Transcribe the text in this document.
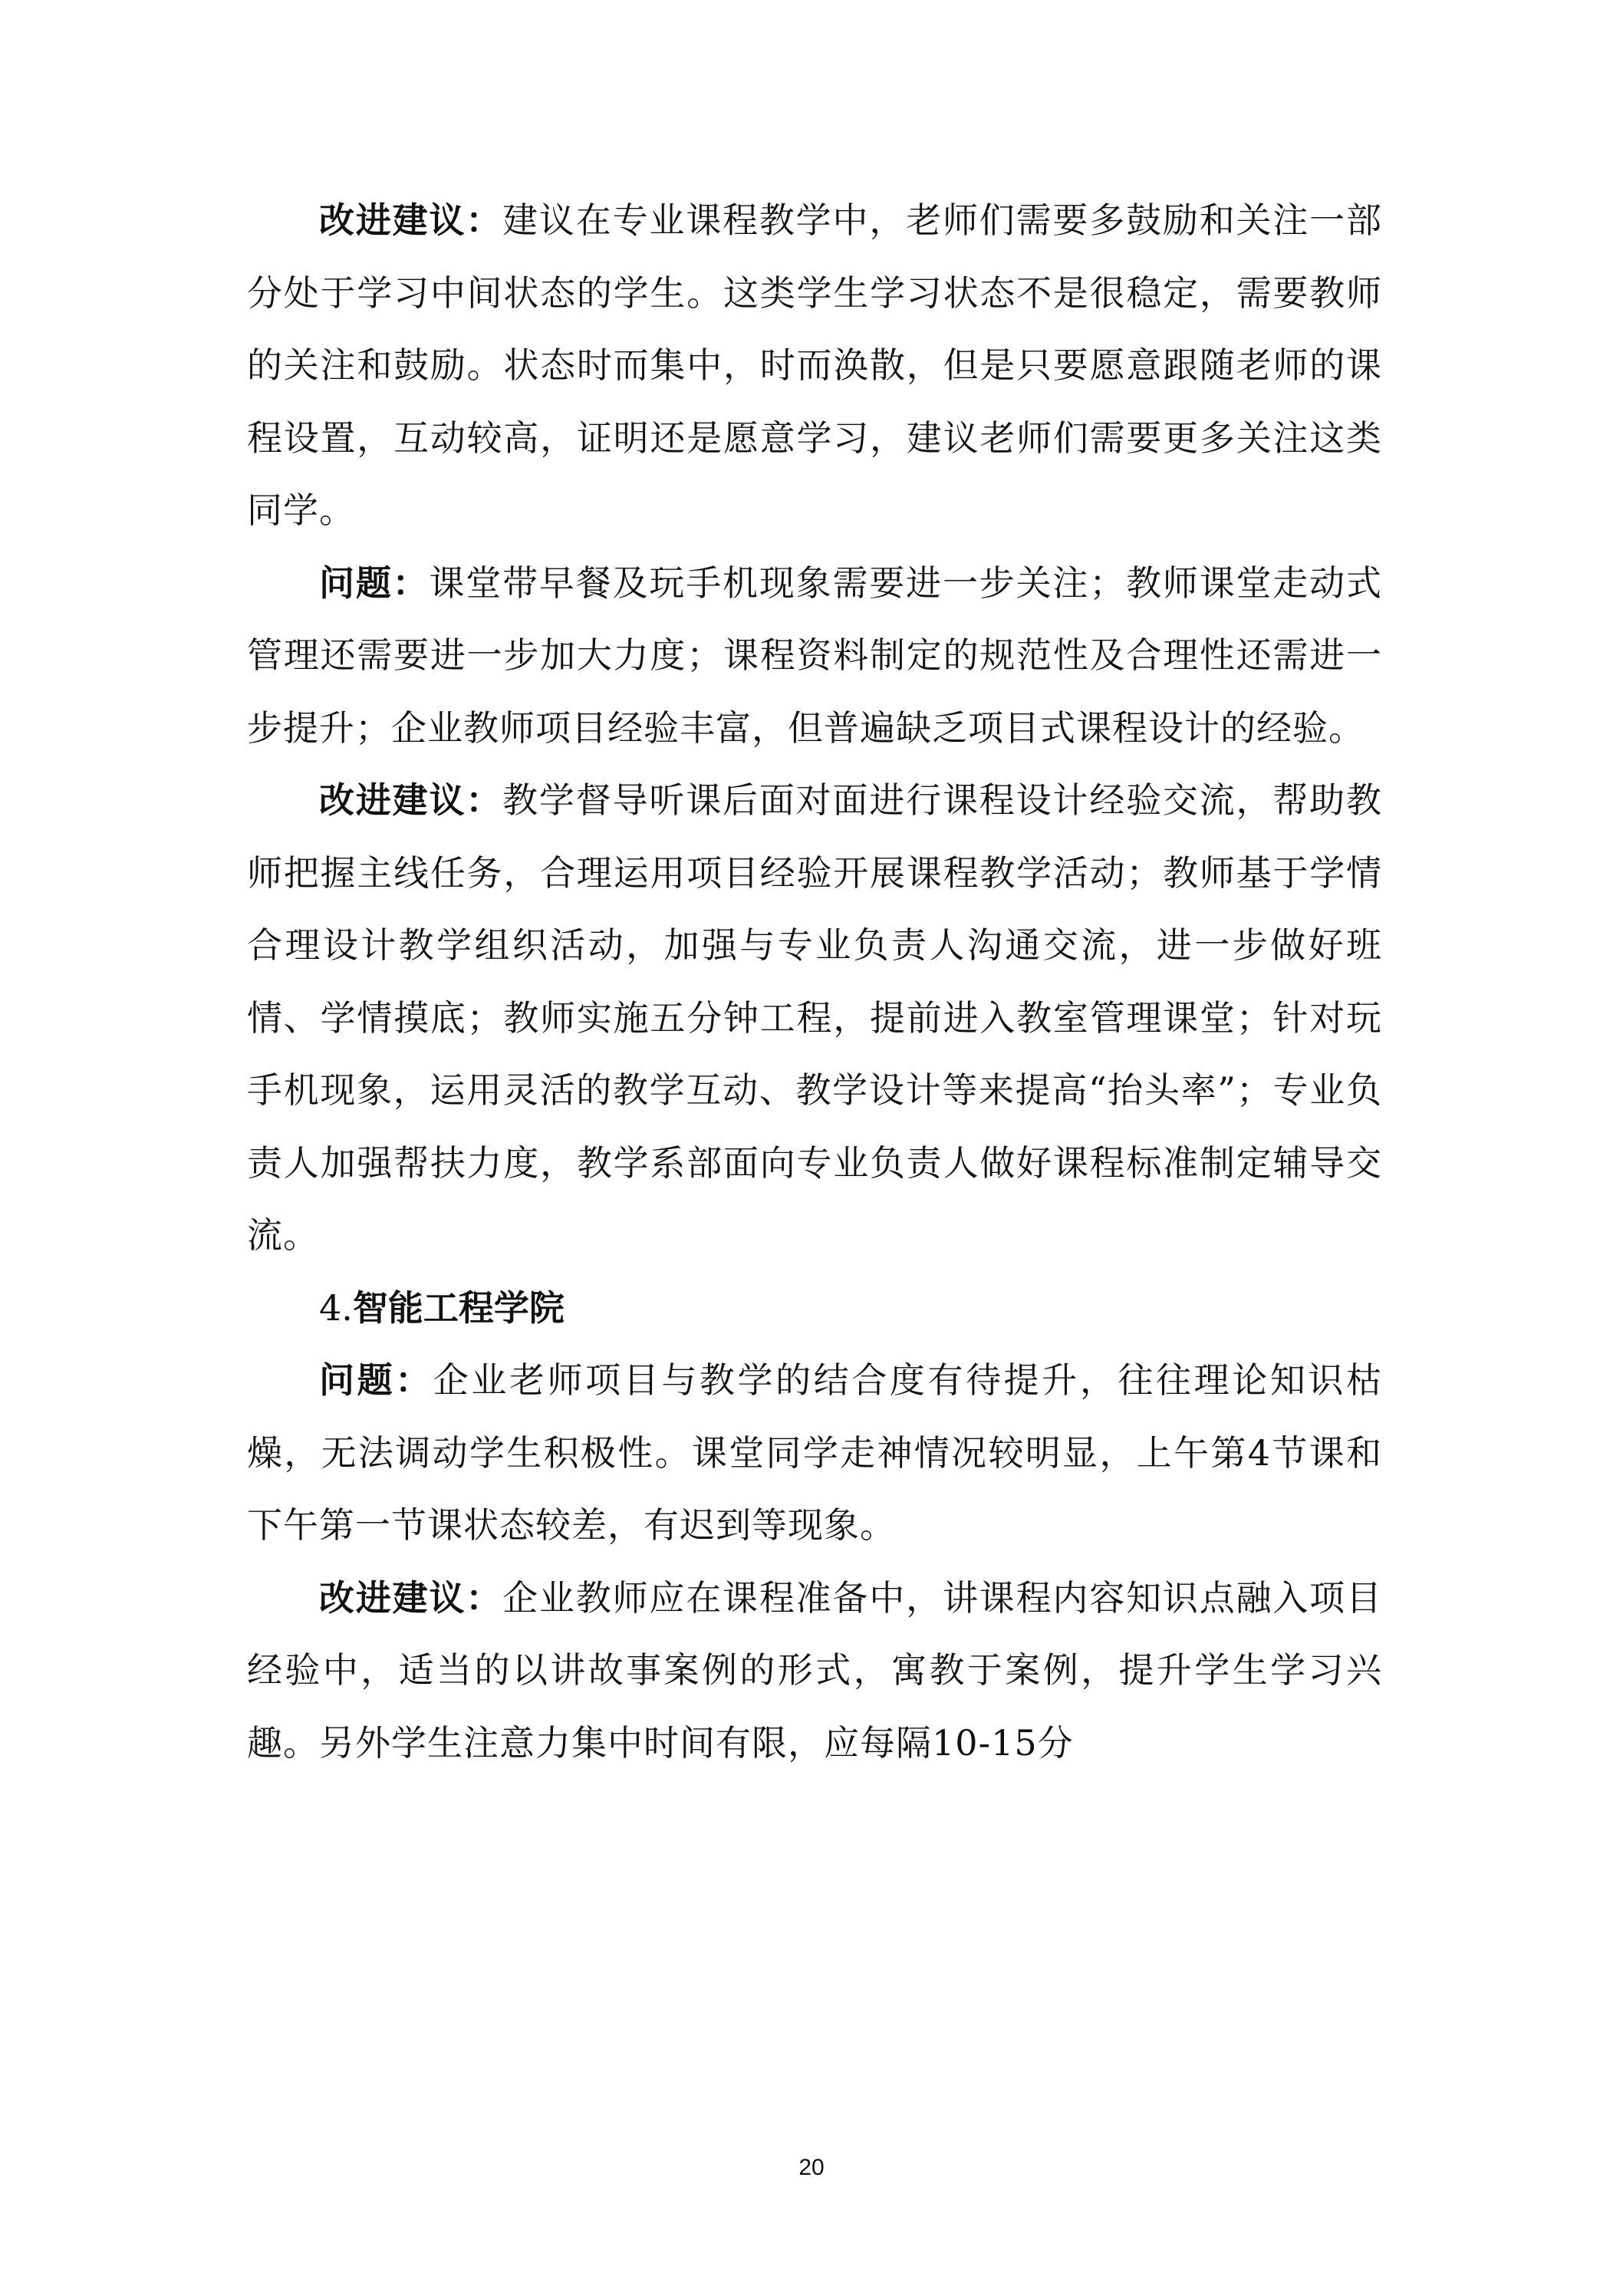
改进建议：建议在专业课程教学中，老师们需要多鼓励和关注一部分处于学习中间状态的学生。这类学生学习状态不是很稳定，需要教师的关注和鼓励。状态时而集中，时而涣散，但是只要愿意跟随老师的课程设置，互动较高，证明还是愿意学习，建议老师们需要更多关注这类同学。

问题：课堂带早餐及玩手机现象需要进一步关注；教师课堂走动式管理还需要进一步加大力度；课程资料制定的规范性及合理性还需进一步提升；企业教师项目经验丰富，但普遍缺乏项目式课程设计的经验。

改进建议：教学督导听课后面对面进行课程设计经验交流，帮助教师把握主线任务，合理运用项目经验开展课程教学活动；教师基于学情合理设计教学组织活动，加强与专业负责人沟通交流，进一步做好班情、学情摸底；教师实施五分钟工程，提前进入教室管理课堂；针对玩手机现象，运用灵活的教学互动、教学设计等来提高“抬头率”；专业负责人加强帮扶力度，教学系部面向专业负责人做好课程标准制定辅导交流。

4.智能工程学院

问题：企业老师项目与教学的结合度有待提升，往往理论知识枯燥，无法调动学生积极性。课堂同学走神情况较明显，上午第4节课和下午第一节课状态较差，有迟到等现象。

改进建议：企业教师应在课程准备中，讲课程内容知识点融入项目经验中，适当的以讲故事案例的形式，寓教于案例，提升学生学习兴趣。另外学生注意力集中时间有限，应每隔10-15分

20
